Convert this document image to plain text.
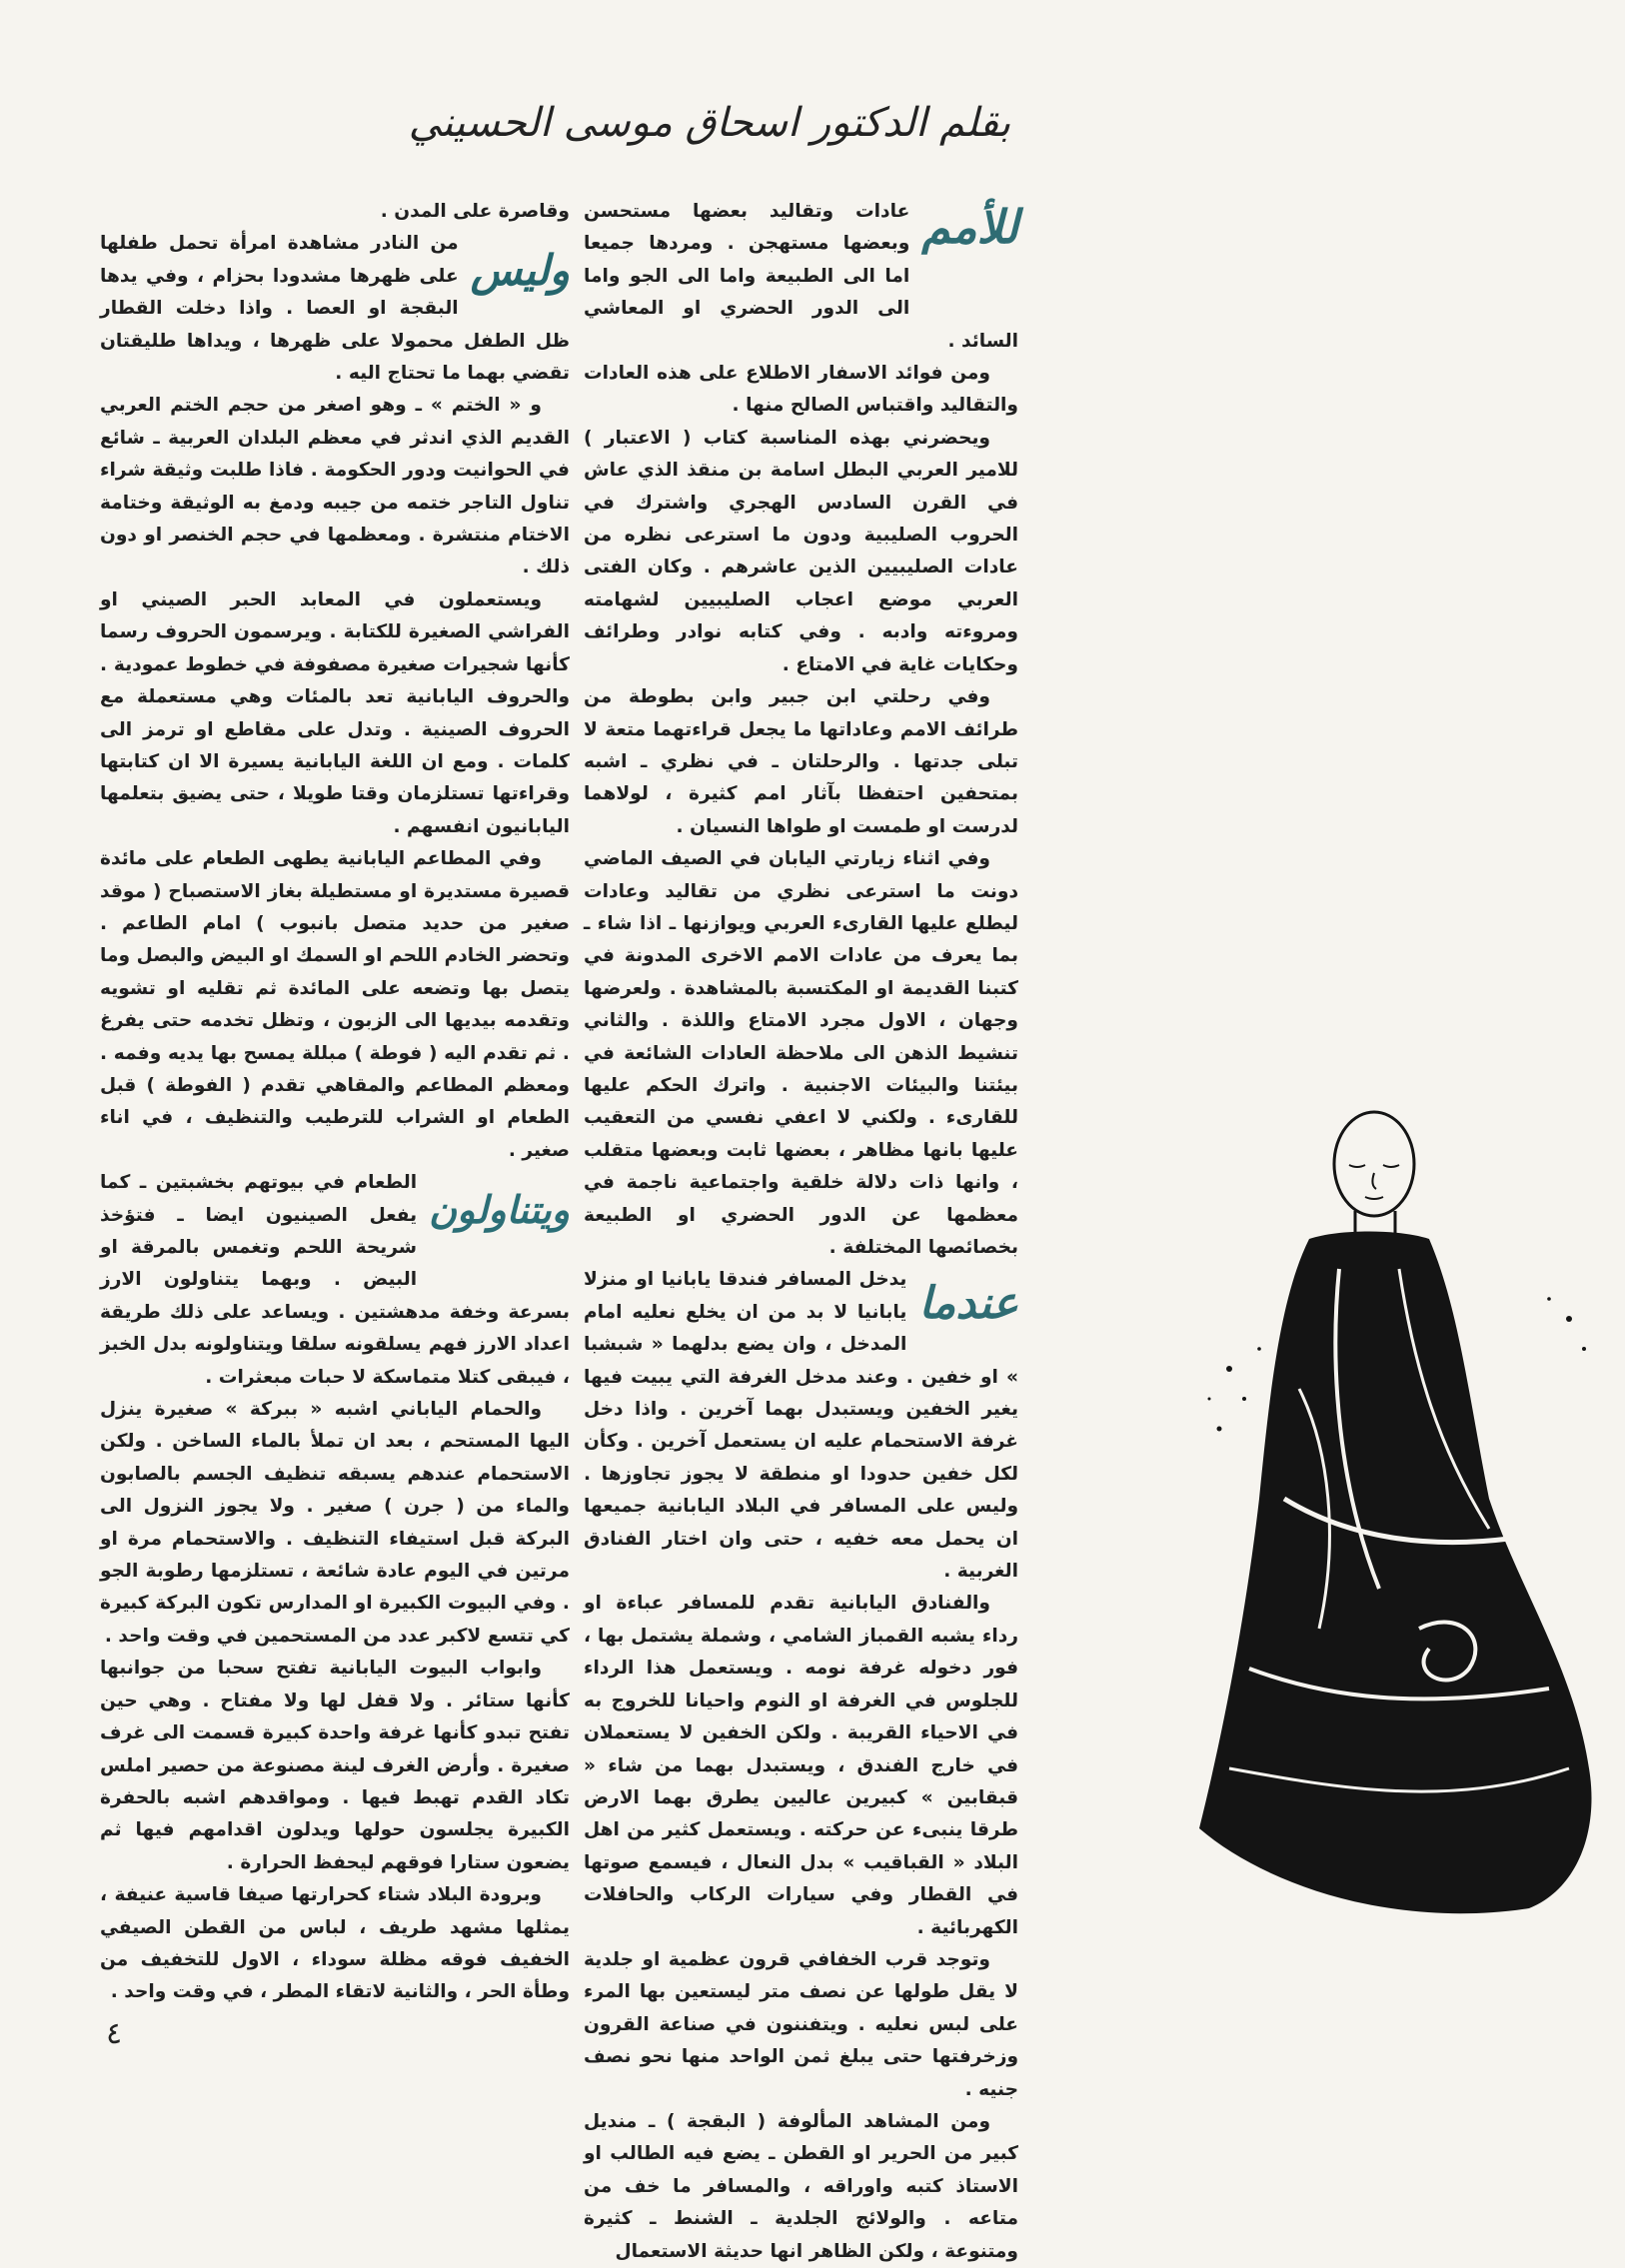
بقلم الدكتور اسحاق موسى الحسيني
للأمم

عادات وتقاليد بعضها مستحسن وبعضها مستهجن . ومردها جميعا اما الى الطبيعة واما الى الجو واما الى الدور الحضري او المعاشي السائد .

ومن فوائد الاسفار الاطلاع على هذه العادات والتقاليد واقتباس الصالح منها .

ويحضرني بهذه المناسبة كتاب ( الاعتبار ) للامير العربي البطل اسامة بن منقذ الذي عاش في القرن السادس الهجري واشترك في الحروب الصليبية ودون ما استرعى نظره من عادات الصليبيين الذين عاشرهم . وكان الفتى العربي موضع اعجاب الصليبيين لشهامته ومروءته وادبه . وفي كتابه نوادر وطرائف وحكايات غاية في الامتاع .

وفي رحلتي ابن جبير وابن بطوطة من طرائف الامم وعاداتها ما يجعل قراءتهما متعة لا تبلى جدتها . والرحلتان ـ في نظري ـ اشبه بمتحفين احتفظا بآثار امم كثيرة ، لولاهما لدرست او طمست او طواها النسيان .

وفي اثناء زيارتي اليابان في الصيف الماضي دونت ما استرعى نظري من تقاليد وعادات ليطلع عليها القارىء العربي ويوازنها ـ اذا شاء ـ بما يعرف من عادات الامم الاخرى المدونة في كتبنا القديمة او المكتسبة بالمشاهدة . ولعرضها وجهان ، الاول مجرد الامتاع واللذة . والثاني تنشيط الذهن الى ملاحظة العادات الشائعة في بيئتنا والبيئات الاجنبية . واترك الحكم عليها للقارىء . ولكني لا اعفي نفسي من التعقيب عليها بانها مظاهر ، بعضها ثابت وبعضها متقلب ، وانها ذات دلالة خلقية واجتماعية ناجمة في معظمها عن الدور الحضري او الطبيعة بخصائصها المختلفة .

عندما

يدخل المسافر فندقا يابانيا او منزلا يابانيا لا بد من ان يخلع نعليه امام المدخل ، وان يضع بدلهما « شبشبا » او خفين . وعند مدخل الغرفة التي يبيت فيها يغير الخفين ويستبدل بهما آخرين . واذا دخل غرفة الاستحمام عليه ان يستعمل آخرين . وكأن لكل خفين حدودا او منطقة لا يجوز تجاوزها . وليس على المسافر في البلاد اليابانية جميعها ان يحمل معه خفيه ، حتى وان اختار الفنادق الغربية .

والفنادق اليابانية تقدم للمسافر عباءة او رداء يشبه القمباز الشامي ، وشملة يشتمل بها ، فور دخوله غرفة نومه . ويستعمل هذا الرداء للجلوس في الغرفة او النوم واحيانا للخروج به في الاحياء القريبة . ولكن الخفين لا يستعملان في خارج الفندق ، ويستبدل بهما من شاء « قبقابين » كبيرين عاليين يطرق بهما الارض طرقا ينبىء عن حركته . ويستعمل كثير من اهل البلاد « القباقيب » بدل النعال ، فيسمع صوتها في القطار وفي سيارات الركاب والحافلات الكهربائية .

وتوجد قرب الخفافي قرون عظمية او جلدية لا يقل طولها عن نصف متر ليستعين بها المرء على لبس نعليه . ويتفننون في صناعة القرون وزخرفتها حتى يبلغ ثمن الواحد منها نحو نصف جنيه .

ومن المشاهد المألوفة ( البقجة ) ـ منديل كبير من الحرير او القطن ـ يضع فيه الطالب او الاستاذ كتبه واوراقه ، والمسافر ما خف من متاعه . والولائج الجلدية ـ الشنط ـ كثيرة ومتنوعة ، ولكن الظاهر انها حديثة الاستعمال

وقاصرة على المدن .

وليس

من النادر مشاهدة امرأة تحمل طفلها على ظهرها مشدودا بحزام ، وفي يدها البقجة او العصا . واذا دخلت القطار ظل الطفل محمولا على ظهرها ، ويداها طليقتان تقضي بهما ما تحتاج اليه .

و « الختم » ـ وهو اصغر من حجم الختم العربي القديم الذي اندثر في معظم البلدان العربية ـ شائع في الحوانيت ودور الحكومة . فاذا طلبت وثيقة شراء تناول التاجر ختمه من جيبه ودمغ به الوثيقة وختامة الاختام منتشرة . ومعظمها في حجم الخنصر او دون ذلك .

ويستعملون في المعابد الحبر الصيني او الفراشي الصغيرة للكتابة . ويرسمون الحروف رسما كأنها شجيرات صغيرة مصفوفة في خطوط عمودية . والحروف اليابانية تعد بالمئات وهي مستعملة مع الحروف الصينية . وتدل على مقاطع او ترمز الى كلمات . ومع ان اللغة اليابانية يسيرة الا ان كتابتها وقراءتها تستلزمان وقتا طويلا ، حتى يضيق بتعلمها اليابانيون انفسهم .

وفي المطاعم اليابانية يطهى الطعام على مائدة قصيرة مستديرة او مستطيلة بغاز الاستصباح ( موقد صغير من حديد متصل بانبوب ) امام الطاعم . وتحضر الخادم اللحم او السمك او البيض والبصل وما يتصل بها وتضعه على المائدة ثم تقليه او تشويه وتقدمه بيديها الى الزبون ، وتظل تخدمه حتى يفرغ . ثم تقدم اليه ( فوطة ) مبللة يمسح بها يديه وفمه . ومعظم المطاعم والمقاهي تقدم ( الفوطة ) قبل الطعام او الشراب للترطيب والتنظيف ، في اناء صغير .

ويتناولون

الطعام في بيوتهم بخشبتين ـ كما يفعل الصينيون ايضا ـ فتؤخذ شريحة اللحم وتغمس بالمرقة او البيض . وبهما يتناولون الارز بسرعة وخفة مدهشتين . ويساعد على ذلك طريقة اعداد الارز فهم يسلقونه سلقا ويتناولونه بدل الخبز ، فيبقى كتلا متماسكة لا حبات مبعثرات .

والحمام الياباني اشبه « ببركة » صغيرة ينزل اليها المستحم ، بعد ان تملأ بالماء الساخن . ولكن الاستحمام عندهم يسبقه تنظيف الجسم بالصابون والماء من ( جرن ) صغير . ولا يجوز النزول الى البركة قبل استيفاء التنظيف . والاستحمام مرة او مرتين في اليوم عادة شائعة ، تستلزمها رطوبة الجو . وفي البيوت الكبيرة او المدارس تكون البركة كبيرة كي تتسع لاكبر عدد من المستحمين في وقت واحد .

وابواب البيوت اليابانية تفتح سحبا من جوانبها كأنها ستائر . ولا قفل لها ولا مفتاح . وهي حين تفتح تبدو كأنها غرفة واحدة كبيرة قسمت الى غرف صغيرة . وأرض الغرف لينة مصنوعة من حصير املس تكاد القدم تهبط فيها . ومواقدهم اشبه بالحفرة الكبيرة يجلسون حولها ويدلون اقدامهم فيها ثم يضعون ستارا فوقهم ليحفظ الحرارة .

وبرودة البلاد شتاء كحرارتها صيفا قاسية عنيفة ، يمثلها مشهد طريف ، لباس من القطن الصيفي الخفيف فوقه مظلة سوداء ، الاول للتخفيف من وطأة الحر ، والثانية لاتقاء المطر ، في وقت واحد .

٤
